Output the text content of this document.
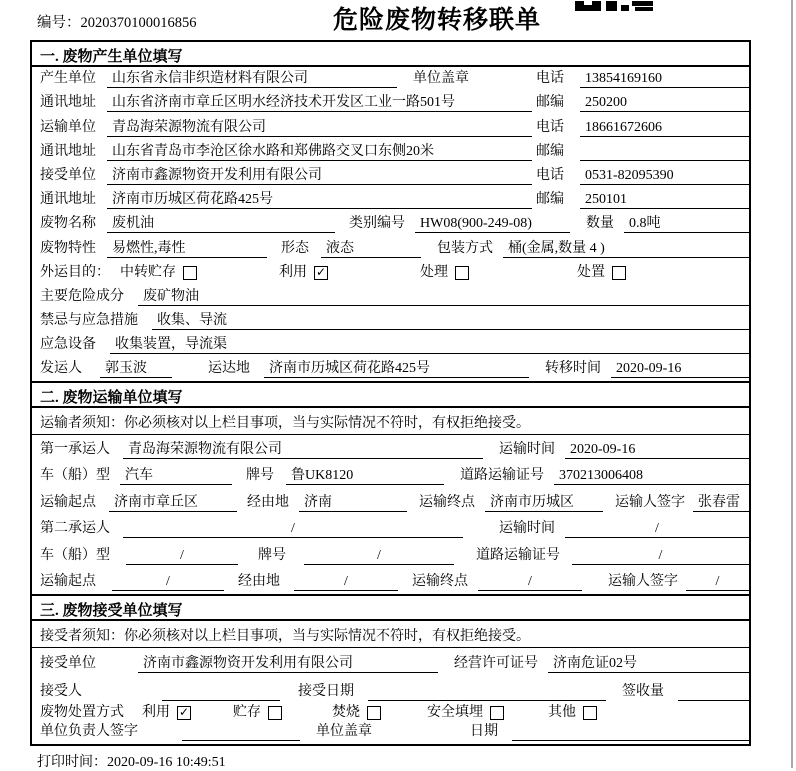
编号：2020370100016856	危险废物转移联单
一. 废物产生单位填写
产生单位	山东省永信非织造材料有限公司	单位盖章	电话	13854169160
通讯地址	山东省济南市章丘区明水经济技术开发区工业一路501号	邮编	250200
运输单位	青岛海荣源物流有限公司	电话	18661672606
通讯地址	山东省青岛市李沧区徐水路和郑佛路交叉口东侧20米	邮编
接受单位	济南市鑫源物资开发利用有限公司	电话	0531-82095390
通讯地址	济南市历城区荷花路425号	邮编	250101
废物名称	废机油	类别编号	HW08(900-249-08)	数量	0.8吨
废物特性	易燃性,毒性	形态	液态	包装方式	桶(金属,数量 4 )
外运目的： 中转贮存	利用 ✓	处理	处置
主要危险成分	废矿物油
禁忌与应急措施	收集、导流
应急设备	收集装置，导流渠
发运人	郭玉波	运达地	济南市历城区荷花路425号	转移时间	2020-09-16
二. 废物运输单位填写
运输者须知：你必须核对以上栏目事项，当与实际情况不符时，有权拒绝接受。
第一承运人	青岛海荣源物流有限公司	运输时间	2020-09-16
车（船）型	汽车	牌号	鲁UK8120	道路运输证号	370213006408
运输起点	济南市章丘区	经由地	济南	运输终点	济南市历城区	运输人签字 张春雷
第二承运人	/	运输时间	/
车（船）型	/	牌号	/	道路运输证号	/
运输起点	/	经由地	/	运输终点	/	运输人签字	/
三. 废物接受单位填写
接受者须知：你必须核对以上栏目事项，当与实际情况不符时，有权拒绝接受。
接受单位	济南市鑫源物资开发利用有限公司	经营许可证号	济南危证02号
接受人	接受日期	签收量
废物处置方式 利用 ✓	贮存	焚烧	安全填埋	其他
单位负责人签字	单位盖章	日期
打印时间：2020-09-16 10:49:51
